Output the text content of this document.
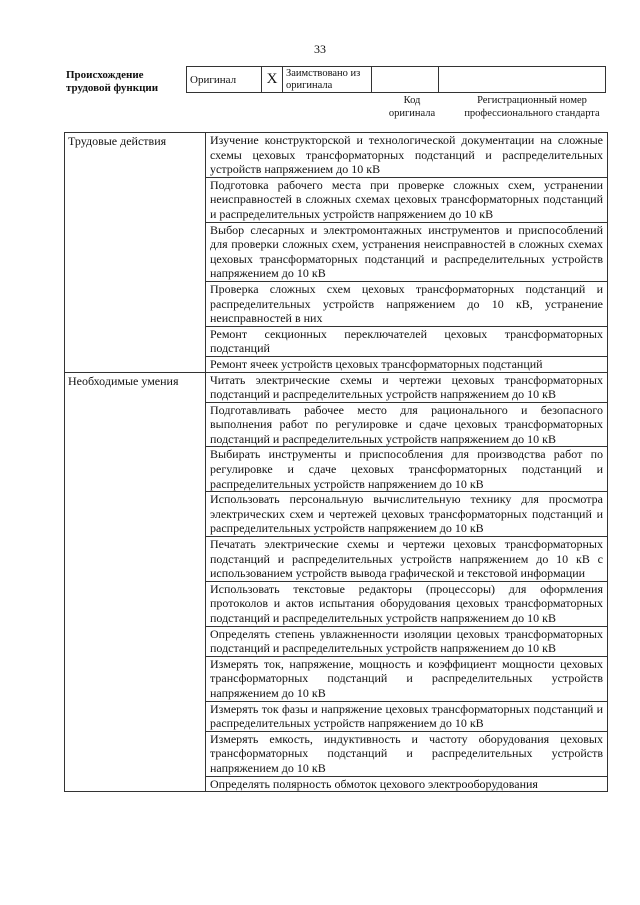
33
Происхождение трудовой функции
Оригинал	X	Заимствовано из оригинала		
Код оригинала
Регистрационный номер профессионального стандарта
Трудовые действия	Изучение конструкторской и технологической документации на сложные схемы цеховых трансформаторных подстанций и распределительных устройств напряжением до 10 кВ
	Подготовка рабочего места при проверке сложных схем, устранении неисправностей в сложных схемах цеховых трансформаторных подстанций и распределительных устройств напряжением до 10 кВ
	Выбор слесарных и электромонтажных инструментов и приспособлений для проверки сложных схем, устранения неисправностей в сложных схемах цеховых трансформаторных подстанций и распределительных устройств напряжением до 10 кВ
	Проверка сложных схем цеховых трансформаторных подстанций и распределительных устройств напряжением до 10 кВ, устранение неисправностей в них
	Ремонт секционных переключателей цеховых трансформаторных подстанций
	Ремонт ячеек устройств цеховых трансформаторных подстанций
Необходимые умения	Читать электрические схемы и чертежи цеховых трансформаторных подстанций и распределительных устройств напряжением до 10 кВ
	Подготавливать рабочее место для рационального и безопасного выполнения работ по регулировке и сдаче цеховых трансформаторных подстанций и распределительных устройств напряжением до 10 кВ
	Выбирать инструменты и приспособления для производства работ по регулировке и сдаче цеховых трансформаторных подстанций и распределительных устройств напряжением до 10 кВ
	Использовать персональную вычислительную технику для просмотра электрических схем и чертежей цеховых трансформаторных подстанций и распределительных устройств напряжением до 10 кВ
	Печатать электрические схемы и чертежи цеховых трансформаторных подстанций и распределительных устройств напряжением до 10 кВ с использованием устройств вывода графической и текстовой информации
	Использовать текстовые редакторы (процессоры) для оформления протоколов и актов испытания оборудования цеховых трансформаторных подстанций и распределительных устройств напряжением до 10 кВ
	Определять степень увлажненности изоляции цеховых трансформаторных подстанций и распределительных устройств напряжением до 10 кВ
	Измерять ток, напряжение, мощность и коэффициент мощности цеховых трансформаторных подстанций и распределительных устройств напряжением до 10 кВ
	Измерять ток фазы и напряжение цеховых трансформаторных подстанций и распределительных устройств напряжением до 10 кВ
	Измерять емкость, индуктивность и частоту оборудования цеховых трансформаторных подстанций и распределительных устройств напряжением до 10 кВ
	Определять полярность обмоток цехового электрооборудования
